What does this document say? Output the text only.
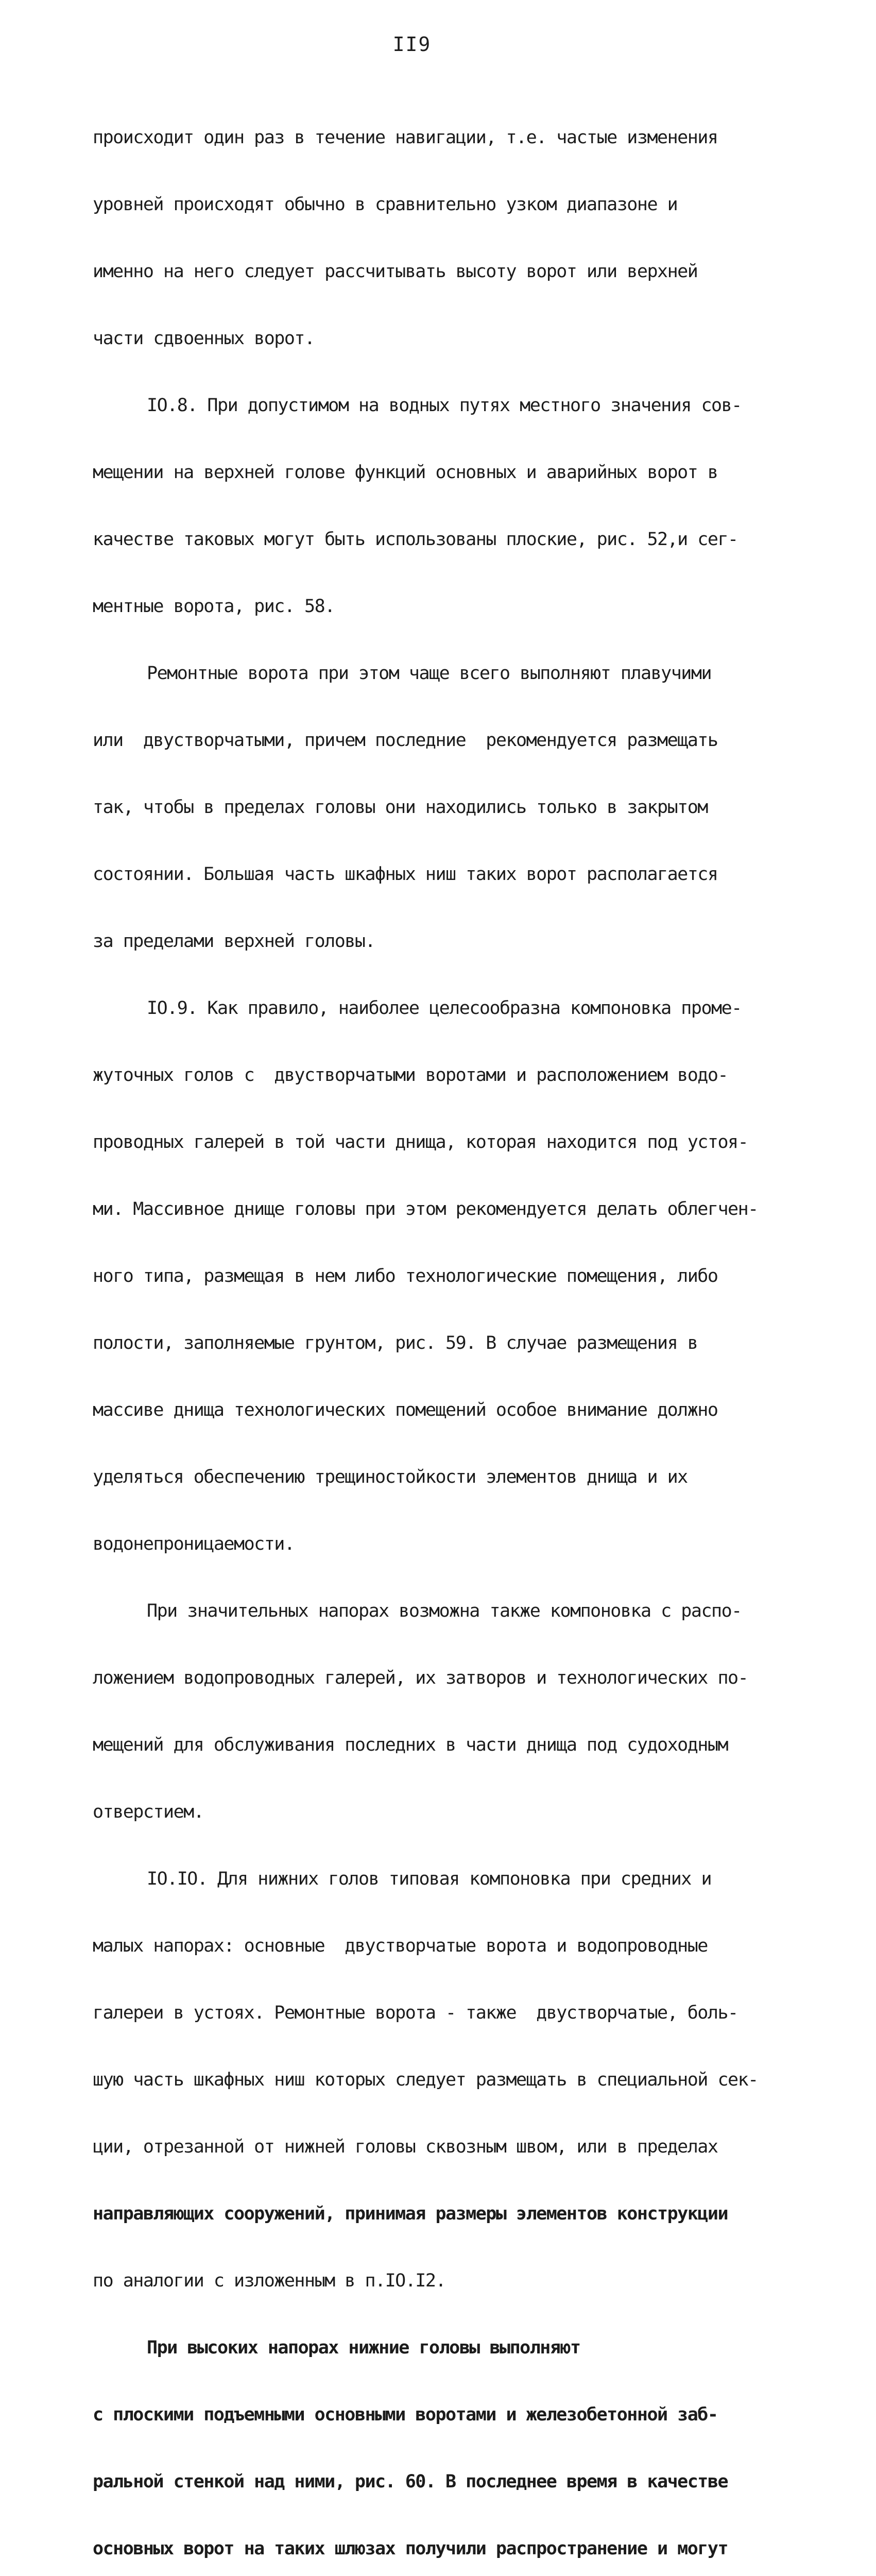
II9

происходит один раз в течение навигации, т.е. частые изменения

уровней происходят обычно в сравнительно узком диапазоне и

именно на него следует рассчитывать высоту ворот или верхней

части сдвоенных ворот.

IO.8. При допустимом на водных путях местного значения сов-

мещении на верхней голове функций основных и аварийных ворот в

качестве таковых могут быть использованы плоские, рис. 52,и сег-

ментные ворота, рис. 58.

Ремонтные ворота при этом чаще всего выполняют плавучими

или  двустворчатыми, причем последние  рекомендуется размещать

так, чтобы в пределах головы они находились только в закрытом

состоянии. Большая часть шкафных ниш таких ворот располагается

за пределами верхней головы.

IO.9. Как правило, наиболее целесообразна компоновка проме-

жуточных голов с  двустворчатыми воротами и расположением водо-

проводных галерей в той части днища, которая находится под устоя-

ми. Массивное днище головы при этом рекомендуется делать облегчен-

ного типа, размещая в нем либо технологические помещения, либо

полости, заполняемые грунтом, рис. 59. В случае размещения в

массиве днища технологических помещений особое внимание должно

уделяться обеспечению трещиностойкости элементов днища и их

водонепроницаемости.

При значительных напорах возможна также компоновка с распо-

ложением водопроводных галерей, их затворов и технологических по-

мещений для обслуживания последних в части днища под судоходным

отверстием.

IO.IO. Для нижних голов типовая компоновка при средних и

малых напорах: основные  двустворчатые ворота и водопроводные

галереи в устоях. Ремонтные ворота - также  двустворчатые, боль-

шую часть шкафных ниш которых следует размещать в специальной сек-

ции, отрезанной от нижней головы сквозным швом, или в пределах

направляющих сооружений, принимая размеры элементов конструкции

по аналогии с изложенным в п.IO.I2.

При высоких напорах нижние головы выполняют

с плоскими подъемными основными воротами и железобетонной заб-

ральной стенкой над ними, рис. 60. В последнее время в качестве

основных ворот на таких шлюзах получили распространение и могут
